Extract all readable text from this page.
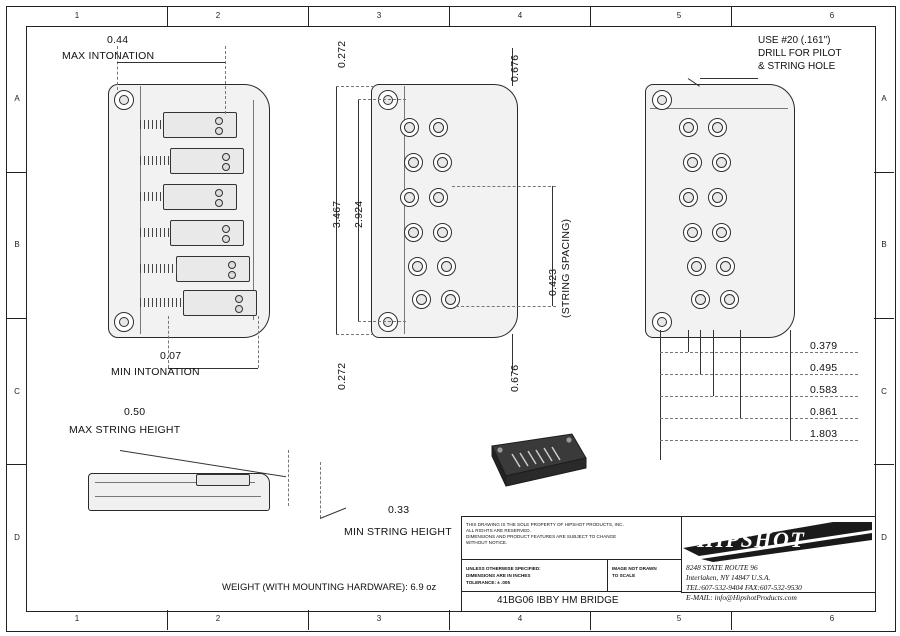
1	2	3	4	5	6
1	2	3	4	5	6
A
B
C
D
A
B
C
D
0.44
MAX INTONATION
0.07
MIN INTONATION
3.467 2.924
0.272
0.272
0.676
0.676
0.423 (STRING SPACING)
USE #20 (.161")
DRILL FOR PILOT
& STRING HOLE
0.379
0.495
0.583
0.861
1.803
0.50
MAX STRING HEIGHT
0.33
MIN STRING HEIGHT
WEIGHT (WITH MOUNTING HARDWARE): 6.9 oz
THIS DRAWING IS THE SOLE PROPERTY OF HIPSHOT PRODUCTS, INC.
ALL RIGHTS ARE RESERVED.
DIMENSIONS AND PRODUCT FEATURES ARE SUBJECT TO CHANGE
WITHOUT NOTICE.
UNLESS OTHERWISE SPECIFIED:
DIMENSIONS ARE IN INCHES
TOLERANCE: ± .005
IMAGE NOT DRAWN
TO SCALE
HIPSHOT
8248 STATE ROUTE 96
Interlaken, NY 14847 U.S.A.
TEL:607-532-9404 FAX:607-532-9530
E-MAIL: info@HipshotProducts.com
41BG06 IBBY HM BRIDGE
